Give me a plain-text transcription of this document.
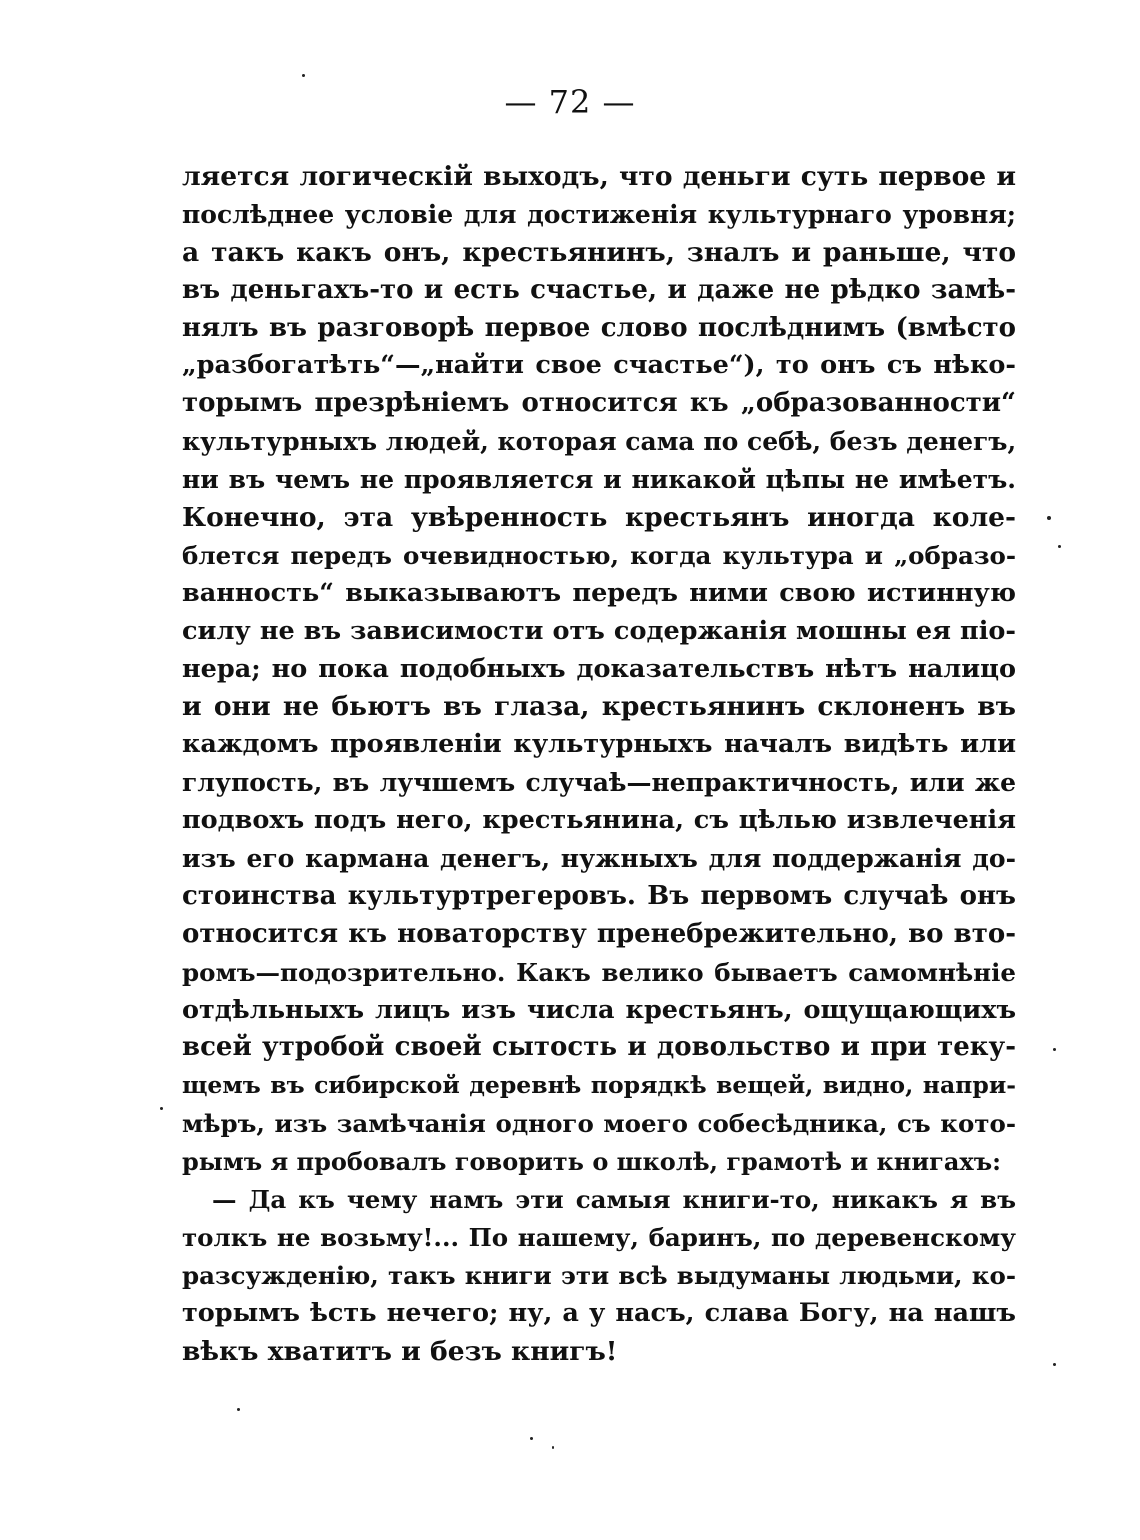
— 72 —
ляется логическій выходъ, что деньги суть первое и
послѣднее условіе для достиженія культурнаго уровня;
а такъ какъ онъ, крестьянинъ, зналъ и раньше, что
въ деньгахъ-то и есть счастье, и даже не рѣдко замѣ-
нялъ въ разговорѣ первое слово послѣднимъ (вмѣсто
„разбогатѣть“—„найти свое счастье“), то онъ съ нѣко-
торымъ презрѣніемъ относится къ „образованности“
культурныхъ людей, которая сама по себѣ, безъ денегъ,
ни въ чемъ не проявляется и никакой цѣпы не имѣетъ.
Конечно, эта увѣренность крестьянъ иногда коле-
блется передъ очевидностью, когда культура и „образо-
ванность“ выказываютъ передъ ними свою истинную
силу не въ зависимости отъ содержанія мошны ея піо-
нера; но пока подобныхъ доказательствъ нѣтъ налицо
и они не бьютъ въ глаза, крестьянинъ склоненъ въ
каждомъ проявленіи культурныхъ началъ видѣть или
глупость, въ лучшемъ случаѣ—непрактичность, или же
подвохъ подъ него, крестьянина, съ цѣлью извлеченія
изъ его кармана денегъ, нужныхъ для поддержанія до-
стоинства культуртрегеровъ. Въ первомъ случаѣ онъ
относится къ новаторству пренебрежительно, во вто-
ромъ—подозрительно. Какъ велико бываетъ самомнѣніе
отдѣльныхъ лицъ изъ числа крестьянъ, ощущающихъ
всей утробой своей сытость и довольство и при теку-
щемъ въ сибирской деревнѣ порядкѣ вещей, видно, напри-
мѣръ, изъ замѣчанія одного моего собесѣдника, съ кото-
рымъ я пробовалъ говорить о школѣ, грамотѣ и книгахъ:
— Да къ чему намъ эти самыя книги-то, никакъ я въ
толкъ не возьму!... По нашему, баринъ, по деревенскому
разсужденію, такъ книги эти всѣ выдуманы людьми, ко-
торымъ ѣсть нечего; ну, а у насъ, слава Богу, на нашъ
вѣкъ хватитъ и безъ книгъ!
